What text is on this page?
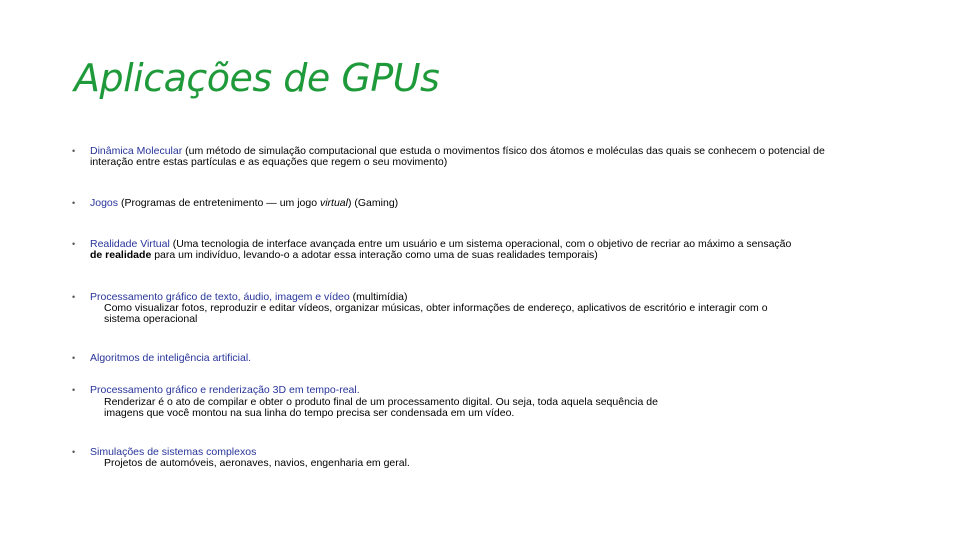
Aplicações de GPUs
•	Dinâmica Molecular (um método de simulação computacional que estuda o movimentos físico dos átomos e moléculas das quais se conhecem o potencial de
interação entre estas partículas e as equações que regem o seu movimento)
•	Jogos (Programas de entretenimento — um jogo virtual) (Gaming)
•	Realidade Virtual (Uma tecnologia de interface avançada entre um usuário e um sistema operacional, com o objetivo de recriar ao máximo a sensação
de realidade para um indivíduo, levando-o a adotar essa interação como uma de suas realidades temporais)
•	Processamento gráfico de texto, áudio, imagem e vídeo (multimídia)
Como visualizar fotos, reproduzir e editar vídeos, organizar músicas, obter informações de endereço, aplicativos de escritório e interagir com o
sistema operacional
•	Algoritmos de inteligência artificial.
•	Processamento gráfico e renderização 3D em tempo-real.
Renderizar é o ato de compilar e obter o produto final de um processamento digital. Ou seja, toda aquela sequência de
imagens que você montou na sua linha do tempo precisa ser condensada em um vídeo.
•	Simulações de sistemas complexos
Projetos de automóveis, aeronaves, navios, engenharia em geral.
